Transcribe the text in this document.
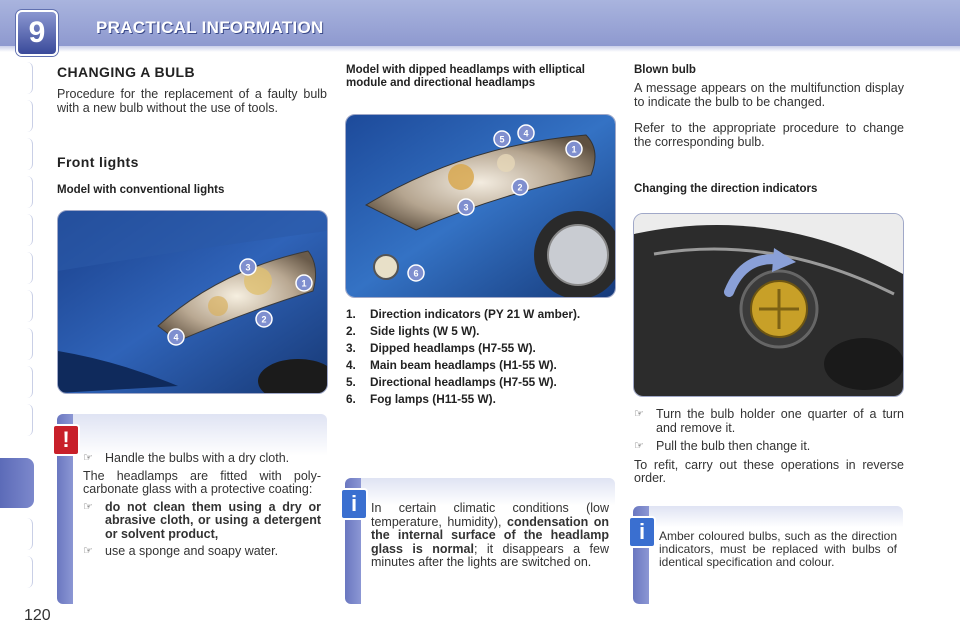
PRACTICAL INFORMATION
9
CHANGING A BULB
Procedure for the replacement of a faulty bulb with a new bulb without the use of tools.
Front lights
Model with conventional lights
1
2
3
4
☞ Handle the bulbs with a dry cloth.
The headlamps are fitted with poly-carbonate glass with a protective coating:
☞ do not clean them using a dry or abrasive cloth, or using a detergent or solvent product,
☞ use a sponge and soapy water.
!
Model with dipped headlamps with elliptical module and directional headlamps
1
2
3
4
5
6
1.	Direction indicators (PY 21 W amber).
2.	Side lights (W 5 W).
3.	Dipped headlamps (H7-55 W).
4.	Main beam headlamps (H1-55 W).
5.	Directional headlamps (H7-55 W).
6.	Fog lamps (H11-55 W).
In certain climatic conditions (low temperature, humidity), condensation on the internal surface of the headlamp glass is normal; it disappears a few minutes after the lights are switched on.
i
Blown bulb
A message appears on the multifunction display to indicate the bulb to be changed.
Refer to the appropriate procedure to change the corresponding bulb.
Changing the direction indicators
☞ Turn the bulb holder one quarter of a turn and remove it.
☞ Pull the bulb then change it.
To refit, carry out these operations in reverse order.
Amber coloured bulbs, such as the direction indicators, must be replaced with bulbs of identical specification and colour.
i
120
